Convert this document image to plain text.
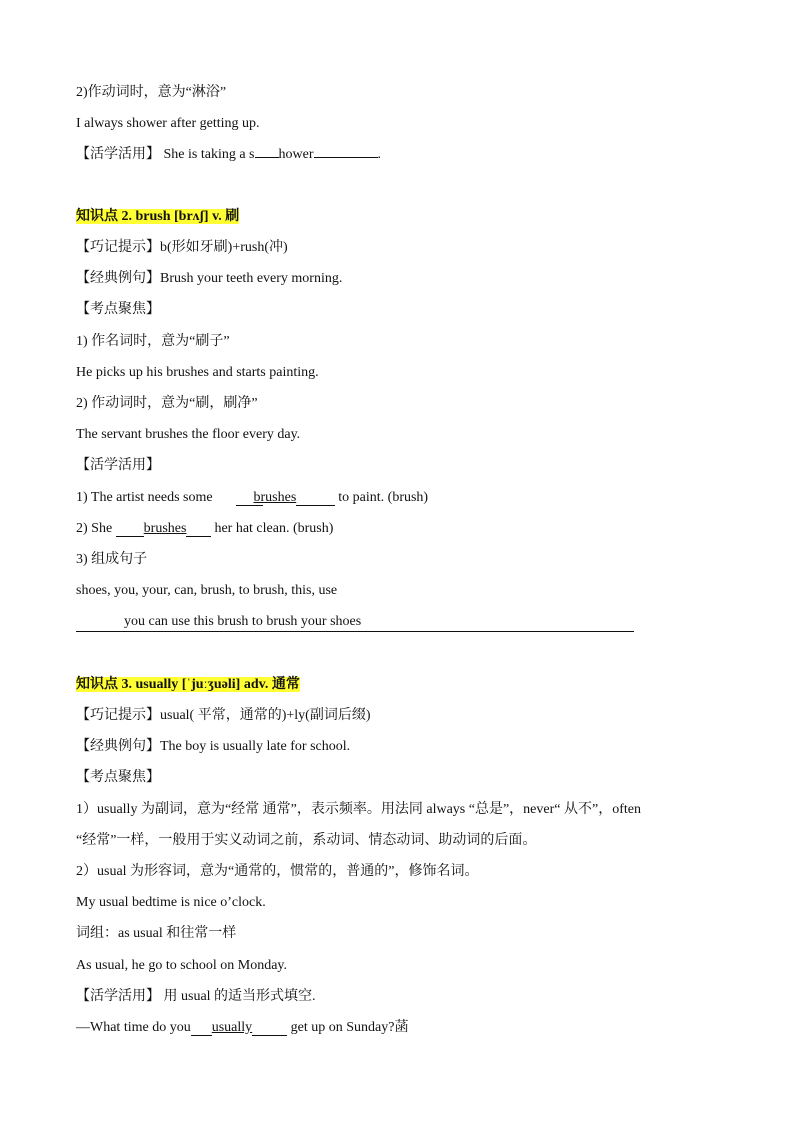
2)作动词时，意为“淋浴”
I always shower after getting up.
【活学活用】 She is taking a s hower	.
知识点 2. brush [brʌʃ] v. 刷
【巧记提示】b(形如牙刷)+rush(冲)
【经典例句】Brush your teeth every morning.
【考点聚焦】
1) 作名词时，意为“刷子”
He picks up his brushes and starts painting.
2) 作动词时，意为“刷，刷净”
The servant brushes the floor every day.
【活学活用】
1) The artist needs some	brushes	to paint. (brush)
2) She         brushes        her hat clean. (brush)
3) 组成句子
shoes, you, your, can, brush, to brush, this, use
you can use this brush to brush your shoes
知识点 3. usually [ˈjuːʒuəli] adv. 通常
【巧记提示】usual( 平常，通常的)+ly(副词后缀)
【经典例句】The boy is usually late for school.
【考点聚焦】
1）usually 为副词，意为“经常 通常”，表示频率。用法同 always “总是”，never“ 从不”，often
“经常”一样，一般用于实义动词之前，系动词、情态动词、助动词的后面。
2）usual 为形容词，意为“通常的，惯常的，普通的”，修饰名词。
My usual bedtime is nice o’clock.
词组：as usual 和往常一样
As usual, he go to school on Monday.
【活学活用】 用 usual 的适当形式填空.
—What time do you usually	get up on Sunday?菡
